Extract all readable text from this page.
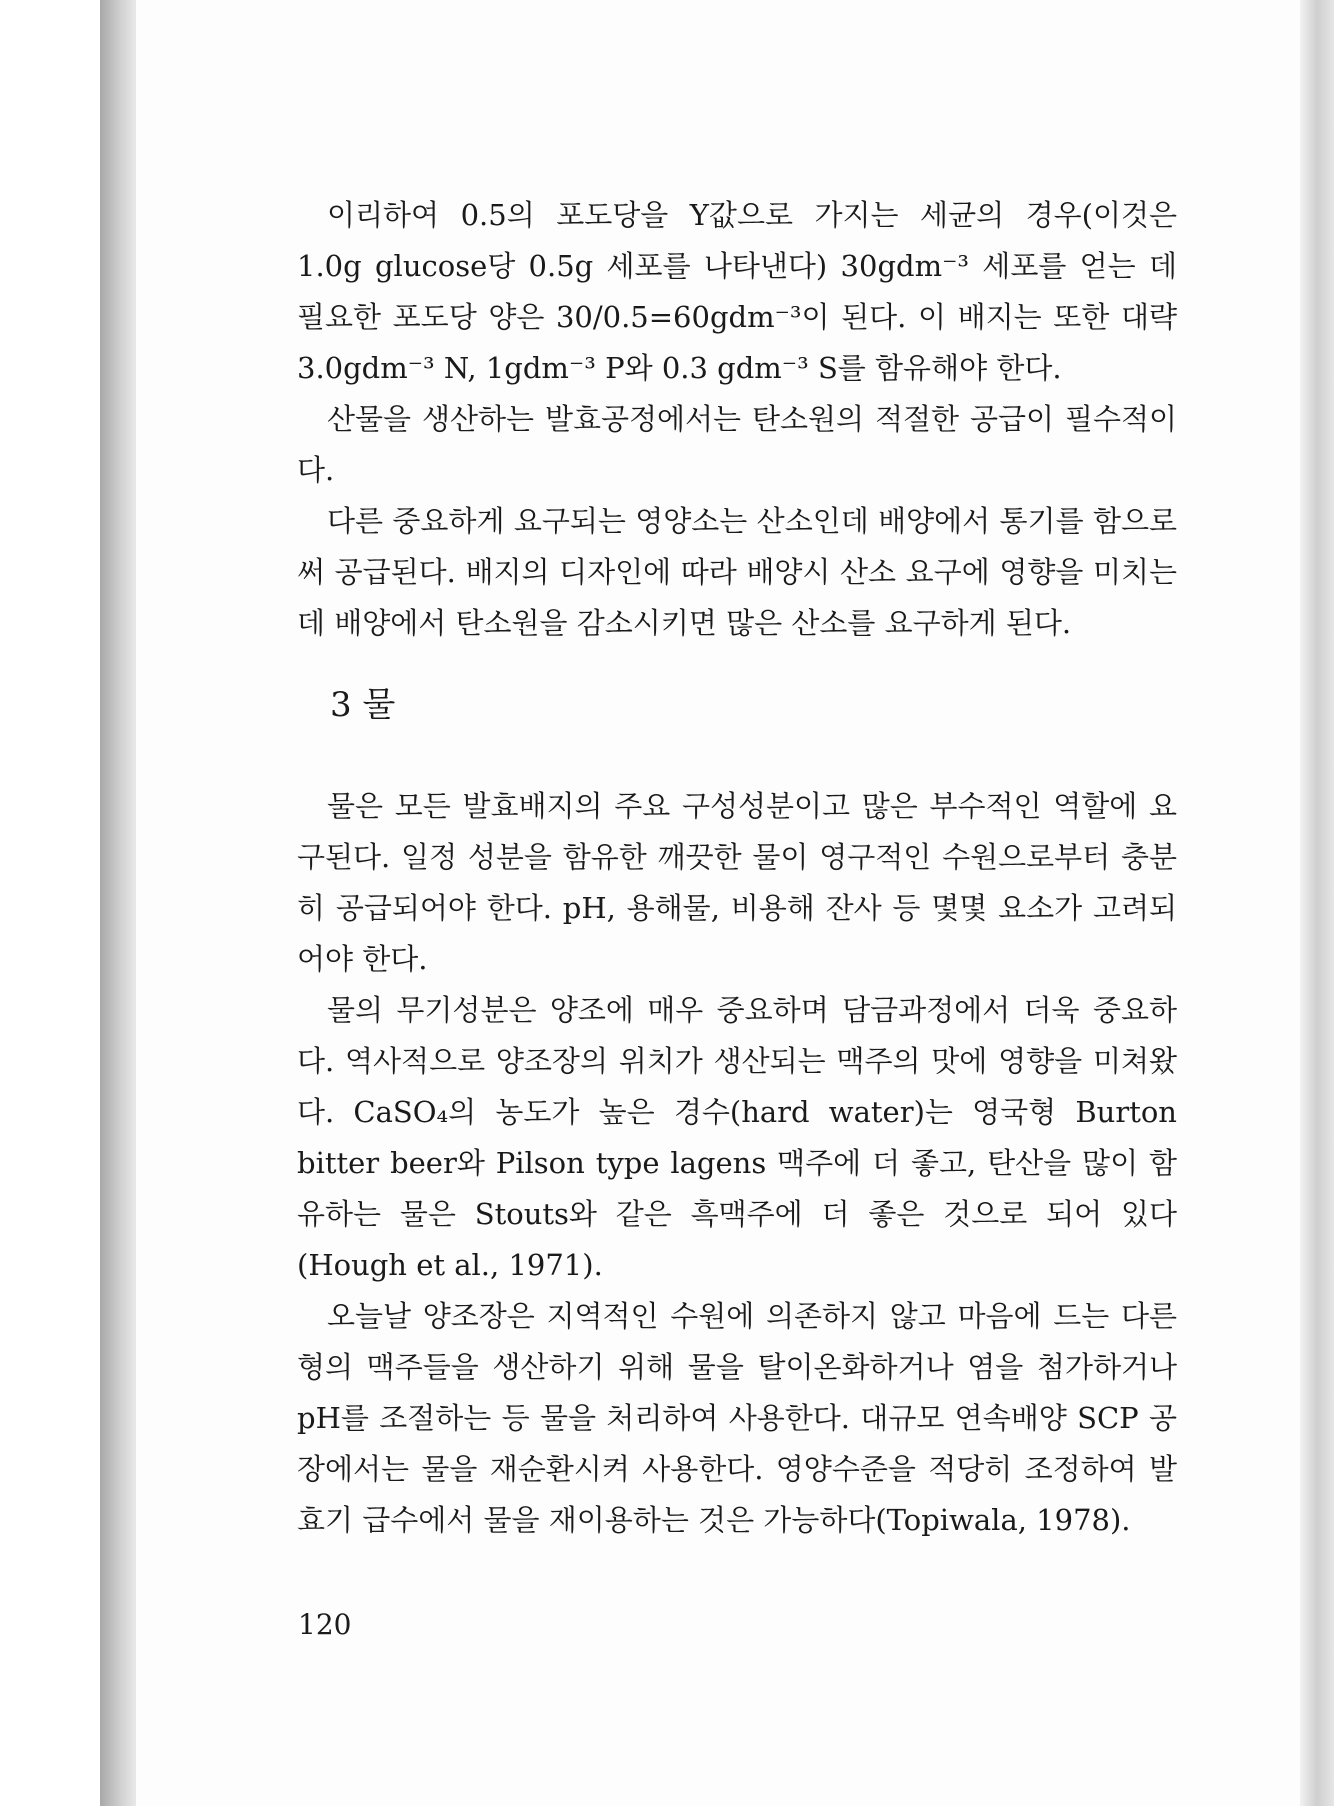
이리하여 0.5의 포도당을 Y값으로 가지는 세균의 경우(이것은 1.0g glucose당 0.5g 세포를 나타낸다) 30gdm⁻³ 세포를 얻는 데 필요한 포도당 양은 30/0.5=60gdm⁻³이 된다. 이 배지는 또한 대략 3.0gdm⁻³ N, 1gdm⁻³ P와 0.3 gdm⁻³ S를 함유해야 한다.

산물을 생산하는 발효공정에서는 탄소원의 적절한 공급이 필수적이다.

다른 중요하게 요구되는 영양소는 산소인데 배양에서 통기를 함으로써 공급된다. 배지의 디자인에 따라 배양시 산소 요구에 영향을 미치는데 배양에서 탄소원을 감소시키면 많은 산소를 요구하게 된다.

3 물

물은 모든 발효배지의 주요 구성성분이고 많은 부수적인 역할에 요구된다. 일정 성분을 함유한 깨끗한 물이 영구적인 수원으로부터 충분히 공급되어야 한다. pH, 용해물, 비용해 잔사 등 몇몇 요소가 고려되어야 한다.

물의 무기성분은 양조에 매우 중요하며 담금과정에서 더욱 중요하다. 역사적으로 양조장의 위치가 생산되는 맥주의 맛에 영향을 미쳐왔다. CaSO₄의 농도가 높은 경수(hard water)는 영국형 Burton bitter beer와 Pilson type lagens 맥주에 더 좋고, 탄산을 많이 함유하는 물은 Stouts와 같은 흑맥주에 더 좋은 것으로 되어 있다(Hough et al., 1971).

오늘날 양조장은 지역적인 수원에 의존하지 않고 마음에 드는 다른 형의 맥주들을 생산하기 위해 물을 탈이온화하거나 염을 첨가하거나 pH를 조절하는 등 물을 처리하여 사용한다. 대규모 연속배양 SCP 공장에서는 물을 재순환시켜 사용한다. 영양수준을 적당히 조정하여 발효기 급수에서 물을 재이용하는 것은 가능하다(Topiwala, 1978).

120
